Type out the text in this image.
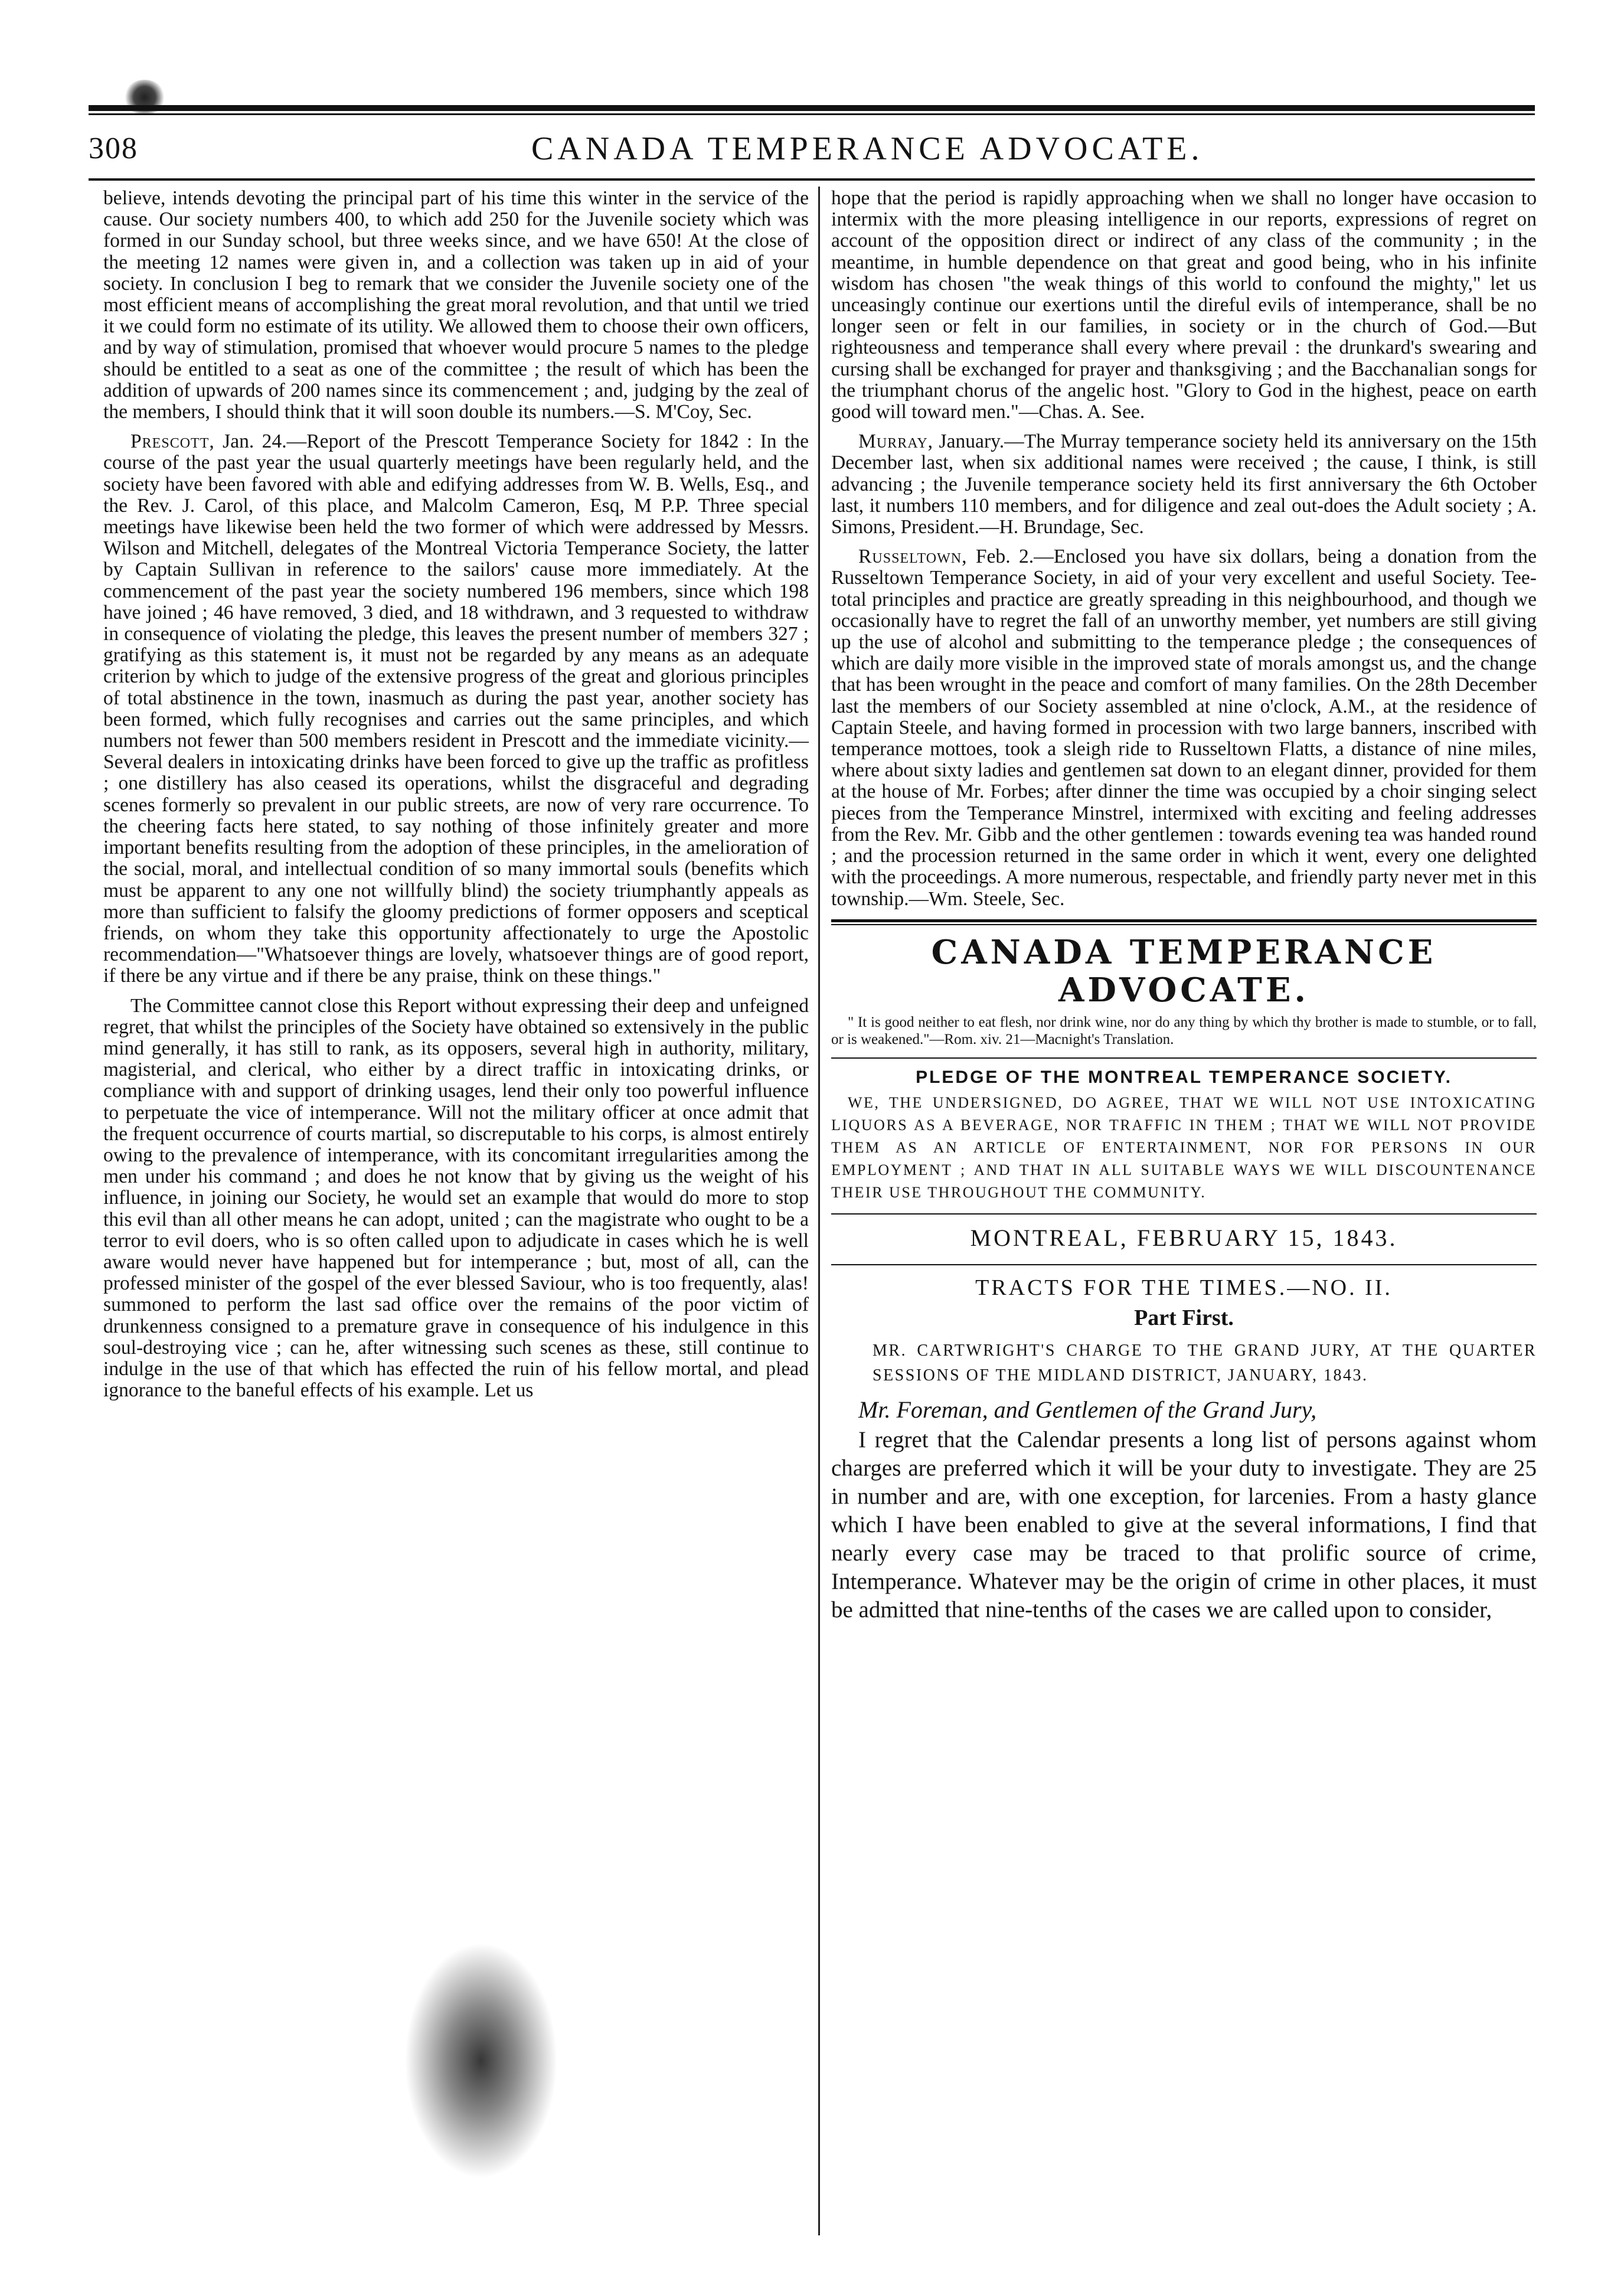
308	CANADA TEMPERANCE ADVOCATE.

believe, intends devoting the principal part of his time this winter in the service of the cause. Our society numbers 400, to which add 250 for the Juvenile society which was formed in our Sunday school, but three weeks since, and we have 650! At the close of the meeting 12 names were given in, and a collection was taken up in aid of your society. In conclusion I beg to remark that we consider the Juvenile society one of the most efficient means of accomplishing the great moral revolution, and that until we tried it we could form no estimate of its utility. We allowed them to choose their own officers, and by way of stimulation, promised that whoever would procure 5 names to the pledge should be entitled to a seat as one of the committee ; the result of which has been the addition of upwards of 200 names since its commencement ; and, judging by the zeal of the members, I should think that it will soon double its numbers.—S. M'Coy, Sec.

Prescott, Jan. 24.—Report of the Prescott Temperance Society for 1842 : In the course of the past year the usual quarterly meetings have been regularly held, and the society have been favored with able and edifying addresses from W. B. Wells, Esq., and the Rev. J. Carol, of this place, and Malcolm Cameron, Esq, M P.P. Three special meetings have likewise been held the two former of which were addressed by Messrs. Wilson and Mitchell, delegates of the Montreal Victoria Temperance Society, the latter by Captain Sullivan in reference to the sailors' cause more immediately. At the commencement of the past year the society numbered 196 members, since which 198 have joined ; 46 have removed, 3 died, and 18 withdrawn, and 3 requested to withdraw in consequence of violating the pledge, this leaves the present number of members 327 ; gratifying as this statement is, it must not be regarded by any means as an adequate criterion by which to judge of the extensive progress of the great and glorious principles of total abstinence in the town, inasmuch as during the past year, another society has been formed, which fully recognises and carries out the same principles, and which numbers not fewer than 500 members resident in Prescott and the immediate vicinity.—Several dealers in intoxicating drinks have been forced to give up the traffic as profitless ; one distillery has also ceased its operations, whilst the disgraceful and degrading scenes formerly so prevalent in our public streets, are now of very rare occurrence. To the cheering facts here stated, to say nothing of those infinitely greater and more important benefits resulting from the adoption of these principles, in the amelioration of the social, moral, and intellectual condition of so many immortal souls (benefits which must be apparent to any one not willfully blind) the society triumphantly appeals as more than sufficient to falsify the gloomy predictions of former opposers and sceptical friends, on whom they take this opportunity affectionately to urge the Apostolic recommendation—"Whatsoever things are lovely, whatsoever things are of good report, if there be any virtue and if there be any praise, think on these things."

The Committee cannot close this Report without expressing their deep and unfeigned regret, that whilst the principles of the Society have obtained so extensively in the public mind generally, it has still to rank, as its opposers, several high in authority, military, magisterial, and clerical, who either by a direct traffic in intoxicating drinks, or compliance with and support of drinking usages, lend their only too powerful influence to perpetuate the vice of intemperance. Will not the military officer at once admit that the frequent occurrence of courts martial, so discreputable to his corps, is almost entirely owing to the prevalence of intemperance, with its concomitant irregularities among the men under his command ; and does he not know that by giving us the weight of his influence, in joining our Society, he would set an example that would do more to stop this evil than all other means he can adopt, united ; can the magistrate who ought to be a terror to evil doers, who is so often called upon to adjudicate in cases which he is well aware would never have happened but for intemperance ; but, most of all, can the professed minister of the gospel of the ever blessed Saviour, who is too frequently, alas! summoned to perform the last sad office over the remains of the poor victim of drunkenness consigned to a premature grave in consequence of his indulgence in this soul-destroying vice ; can he, after witnessing such scenes as these, still continue to indulge in the use of that which has effected the ruin of his fellow mortal, and plead ignorance to the baneful effects of his example. Let us

hope that the period is rapidly approaching when we shall no longer have occasion to intermix with the more pleasing intelligence in our reports, expressions of regret on account of the opposition direct or indirect of any class of the community ; in the meantime, in humble dependence on that great and good being, who in his infinite wisdom has chosen "the weak things of this world to confound the mighty," let us unceasingly continue our exertions until the direful evils of intemperance, shall be no longer seen or felt in our families, in society or in the church of God.—But righteousness and temperance shall every where prevail : the drunkard's swearing and cursing shall be exchanged for prayer and thanksgiving ; and the Bacchanalian songs for the triumphant chorus of the angelic host. "Glory to God in the highest, peace on earth good will toward men."—Chas. A. See.

Murray, January.—The Murray temperance society held its anniversary on the 15th December last, when six additional names were received ; the cause, I think, is still advancing ; the Juvenile temperance society held its first anniversary the 6th October last, it numbers 110 members, and for diligence and zeal out-does the Adult society ; A. Simons, President.—H. Brundage, Sec.

Russeltown, Feb. 2.—Enclosed you have six dollars, being a donation from the Russeltown Temperance Society, in aid of your very excellent and useful Society. Tee-total principles and practice are greatly spreading in this neighbourhood, and though we occasionally have to regret the fall of an unworthy member, yet numbers are still giving up the use of alcohol and submitting to the temperance pledge ; the consequences of which are daily more visible in the improved state of morals amongst us, and the change that has been wrought in the peace and comfort of many families. On the 28th December last the members of our Society assembled at nine o'clock, A.M., at the residence of Captain Steele, and having formed in procession with two large banners, inscribed with temperance mottoes, took a sleigh ride to Russeltown Flatts, a distance of nine miles, where about sixty ladies and gentlemen sat down to an elegant dinner, provided for them at the house of Mr. Forbes; after dinner the time was occupied by a choir singing select pieces from the Temperance Minstrel, intermixed with exciting and feeling addresses from the Rev. Mr. Gibb and the other gentlemen : towards evening tea was handed round ; and the procession returned in the same order in which it went, every one delighted with the proceedings. A more numerous, respectable, and friendly party never met in this township.—Wm. Steele, Sec.

CANADA TEMPERANCE ADVOCATE.
" It is good neither to eat flesh, nor drink wine, nor do any thing by which thy brother is made to stumble, or to fall, or is weakened."—Rom. xiv. 21—Macnight's Translation.
PLEDGE OF THE MONTREAL TEMPERANCE SOCIETY.
WE, THE UNDERSIGNED, DO AGREE, THAT WE WILL NOT USE INTOXICATING LIQUORS AS A BEVERAGE, NOR TRAFFIC IN THEM ; THAT WE WILL NOT PROVIDE THEM AS AN ARTICLE OF ENTERTAINMENT, NOR FOR PERSONS IN OUR EMPLOYMENT ; AND THAT IN ALL SUITABLE WAYS WE WILL DISCOUNTENANCE THEIR USE THROUGHOUT THE COMMUNITY.
MONTREAL, FEBRUARY 15, 1843.
TRACTS FOR THE TIMES.—NO. II.
Part First.
MR. CARTWRIGHT'S CHARGE TO THE GRAND JURY, AT THE QUARTER SESSIONS OF THE MIDLAND DISTRICT, JANUARY, 1843.
Mr. Foreman, and Gentlemen of the Grand Jury,

I regret that the Calendar presents a long list of persons against whom charges are preferred which it will be your duty to investigate. They are 25 in number and are, with one exception, for larcenies. From a hasty glance which I have been enabled to give at the several informations, I find that nearly every case may be traced to that prolific source of crime, Intemperance. Whatever may be the origin of crime in other places, it must be admitted that nine-tenths of the cases we are called upon to consider,
